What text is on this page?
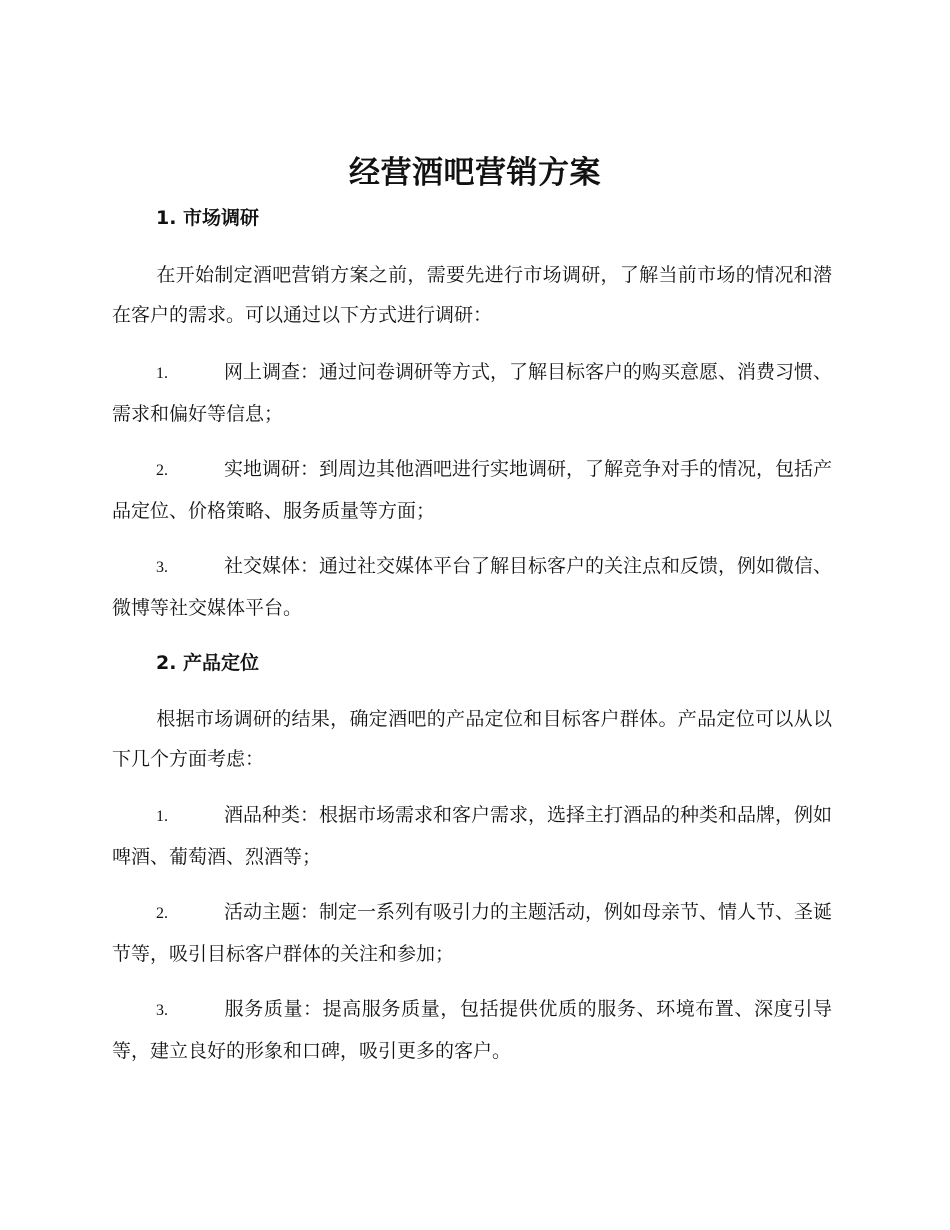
经营酒吧营销方案
1. 市场调研

在开始制定酒吧营销方案之前，需要先进行市场调研，了解当前市场的情况和潜在客户的需求。可以通过以下方式进行调研：

1.	网上调查：通过问卷调研等方式，了解目标客户的购买意愿、消费习惯、需求和偏好等信息；

2.	实地调研：到周边其他酒吧进行实地调研，了解竞争对手的情况，包括产品定位、价格策略、服务质量等方面；

3.	社交媒体：通过社交媒体平台了解目标客户的关注点和反馈，例如微信、微博等社交媒体平台。

2. 产品定位

根据市场调研的结果，确定酒吧的产品定位和目标客户群体。产品定位可以从以下几个方面考虑：

1.	酒品种类：根据市场需求和客户需求，选择主打酒品的种类和品牌，例如啤酒、葡萄酒、烈酒等；

2.	活动主题：制定一系列有吸引力的主题活动，例如母亲节、情人节、圣诞节等，吸引目标客户群体的关注和参加；

3.	服务质量：提高服务质量，包括提供优质的服务、环境布置、深度引导等，建立良好的形象和口碑，吸引更多的客户。
